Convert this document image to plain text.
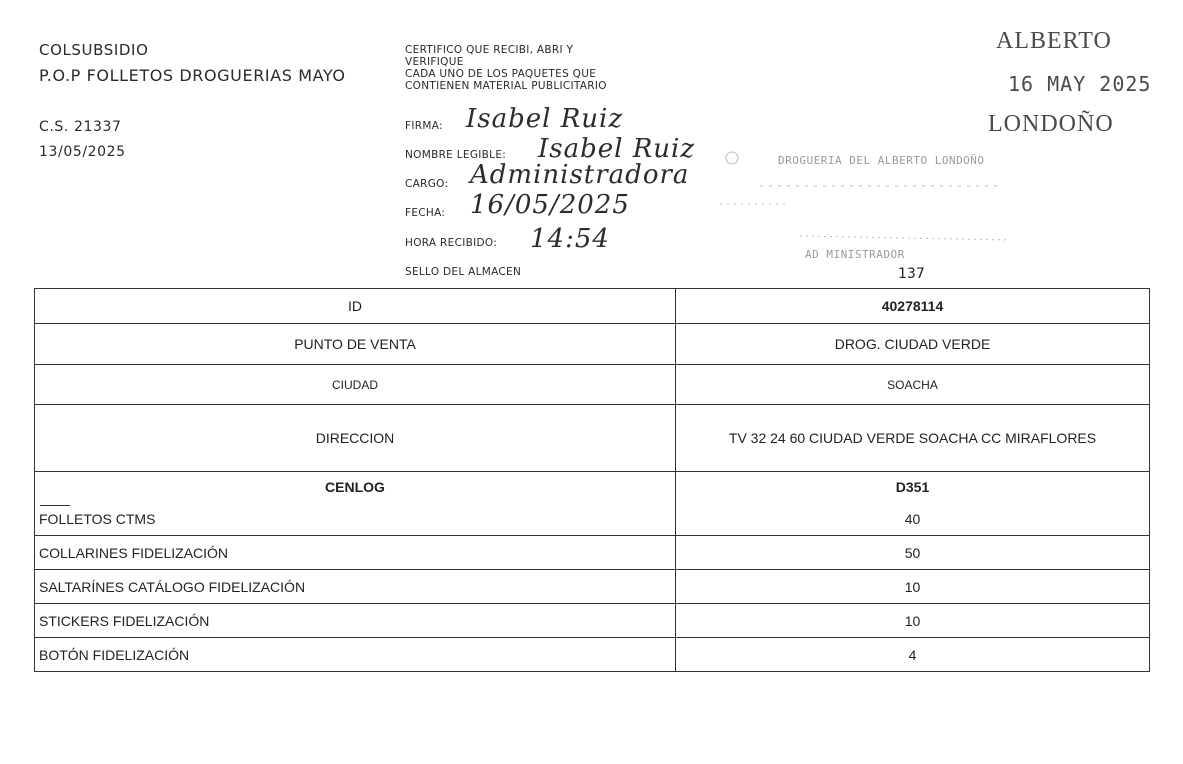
COLSUBSIDIO
P.O.P FOLLETOS DROGUERIAS MAYO
C.S. 21337
13/05/2025
CERTIFICO QUE RECIBI, ABRI Y
VERIFIQUE
CADA UNO DE LOS PAQUETES QUE
CONTIENEN MATERIAL PUBLICITARIO
FIRMA: Isabel Ruiz
NOMBRE LEGIBLE: Isabel Ruiz
CARGO: Administradora
FECHA: 16/05/2025
HORA RECIBIDO: 14:54
SELLO DEL ALMACEN
ALBERTO
16 MAY 2025
LONDOÑO
DROGUERIA DEL ALBERTO LONDOÑO
AD MINISTRADOR
137
ID	40278114
PUNTO DE VENTA	DROG. CIUDAD VERDE
CIUDAD	SOACHA
DIRECCION	TV 32 24 60 CIUDAD VERDE SOACHA CC MIRAFLORES
CENLOG	D351
FOLLETOS CTMS	40
COLLARINES FIDELIZACIÓN	50
SALTARÍNES CATÁLOGO FIDELIZACIÓN	10
STICKERS FIDELIZACIÓN	10
BOTÓN FIDELIZACIÓN	4
